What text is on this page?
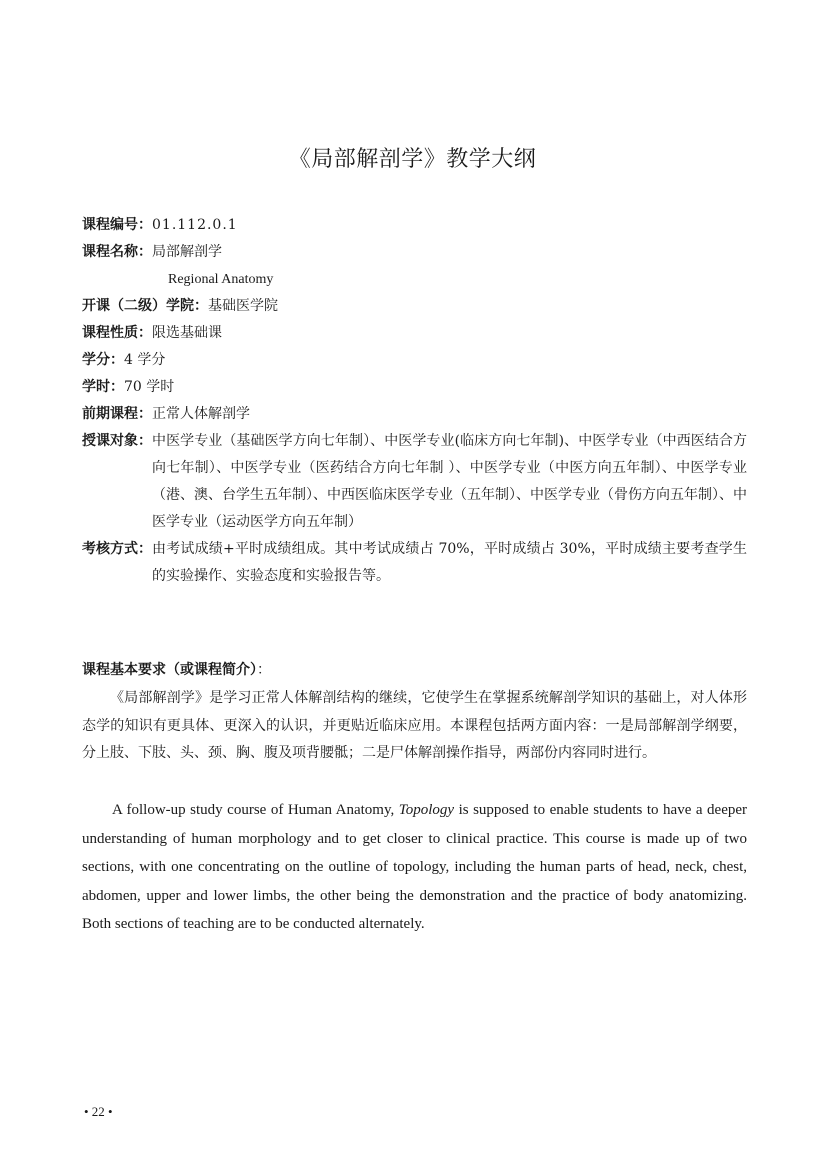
《局部解剖学》教学大纲
课程编号： 01.112.0.1
课程名称： 局部解剖学
Regional Anatomy
开课（二级）学院： 基础医学院
课程性质： 限选基础课
学分： 4 学分
学时： 70 学时
前期课程： 正常人体解剖学
授课对象： 中医学专业（基础医学方向七年制）、中医学专业(临床方向七年制)、中医学专业（中西医结合方向七年制）、中医学专业（医药结合方向七年制 ）、中医学专业（中医方向五年制）、中医学专业（港、澳、台学生五年制）、中西医临床医学专业（五年制）、中医学专业（骨伤方向五年制）、中医学专业（运动医学方向五年制）
考核方式： 由考试成绩+平时成绩组成。其中考试成绩占 70%，平时成绩占 30%，平时成绩主要考查学生的实验操作、实验态度和实验报告等。
课程基本要求（或课程简介）：

《局部解剖学》是学习正常人体解剖结构的继续，它使学生在掌握系统解剖学知识的基础上，对人体形态学的知识有更具体、更深入的认识，并更贴近临床应用。本课程包括两方面内容：一是局部解剖学纲要，分上肢、下肢、头、颈、胸、腹及项背腰骶；二是尸体解剖操作指导，两部份内容同时进行。

A follow-up study course of Human Anatomy, Topology is supposed to enable students to have a deeper understanding of human morphology and to get closer to clinical practice. This course is made up of two sections, with one concentrating on the outline of topology, including the human parts of head, neck, chest, abdomen, upper and lower limbs, the other being the demonstration and the practice of body anatomizing. Both sections of teaching are to be conducted alternately.

• 22 •
